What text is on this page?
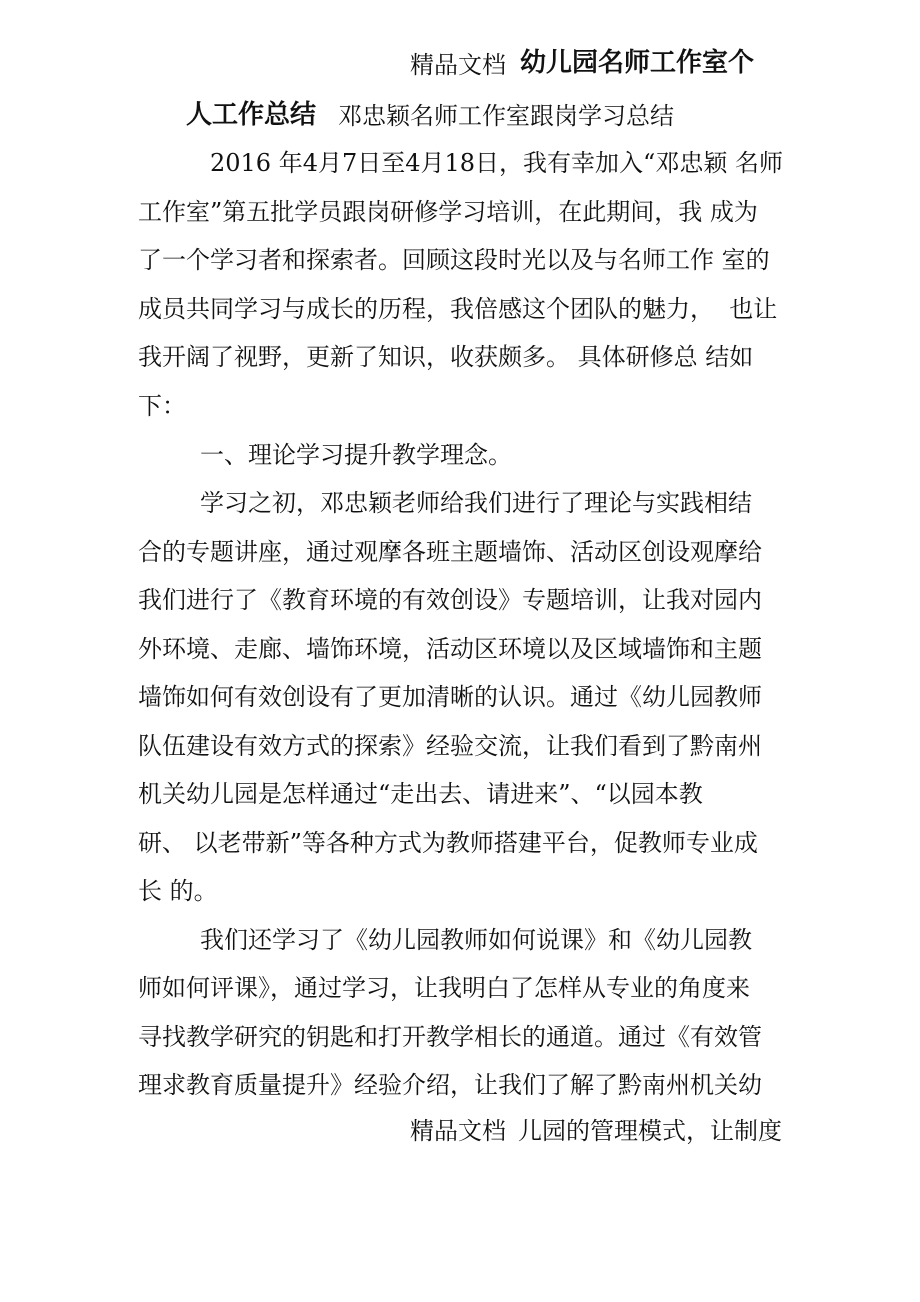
精品文档 幼儿园名师工作室个
人工作总结 邓忠颖名师工作室跟岗学习总结
2016 年4月7日至4月18日，我有幸加入“邓忠颖 名师
工作室”第五批学员跟岗研修学习培训，在此期间，我 成为
了一个学习者和探索者。回顾这段时光以及与名师工作 室的
成员共同学习与成长的历程，我倍感这个团队的魅力，  也让
我开阔了视野，更新了知识，收获颇多。 具体研修总 结如
下：
一、理论学习提升教学理念。
学习之初，邓忠颖老师给我们进行了理论与实践相结
合的专题讲座，通过观摩各班主题墙饰、活动区创设观摩给
我们进行了《教育环境的有效创设》专题培训，让我对园内
外环境、走廊、墙饰环境，活动区环境以及区域墙饰和主题
墙饰如何有效创设有了更加清晰的认识。通过《幼儿园教师
队伍建设有效方式的探索》经验交流，让我们看到了黔南州
机关幼儿园是怎样通过“走出去、请进来”、“以园本教
研、 以老带新”等各种方式为教师搭建平台，促教师专业成
长 的。
我们还学习了《幼儿园教师如何说课》和《幼儿园教
师如何评课》，通过学习，让我明白了怎样从专业的角度来
寻找教学研究的钥匙和打开教学相长的通道。通过《有效管
理求教育质量提升》经验介绍，让我们了解了黔南州机关幼
精品文档 儿园的管理模式，让制度
